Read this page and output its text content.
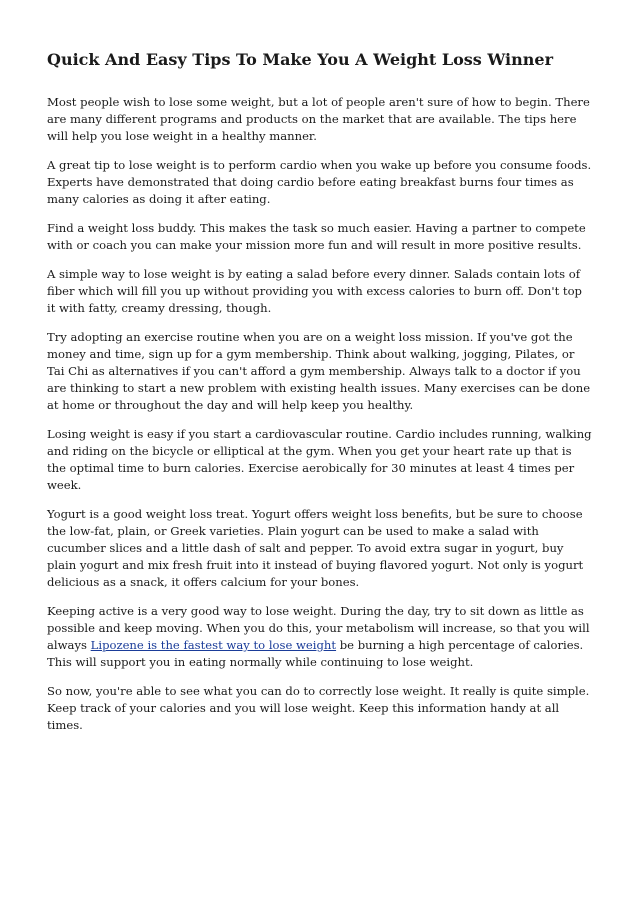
Quick And Easy Tips To Make You A Weight Loss Winner

Most people wish to lose some weight, but a lot of people aren't sure of how to begin. There are many different programs and products on the market that are available. The tips here will help you lose weight in a healthy manner.

A great tip to lose weight is to perform cardio when you wake up before you consume foods. Experts have demonstrated that doing cardio before eating breakfast burns four times as many calories as doing it after eating.

Find a weight loss buddy. This makes the task so much easier. Having a partner to compete with or coach you can make your mission more fun and will result in more positive results.

A simple way to lose weight is by eating a salad before every dinner. Salads contain lots of fiber which will fill you up without providing you with excess calories to burn off. Don't top it with fatty, creamy dressing, though.

Try adopting an exercise routine when you are on a weight loss mission. If you've got the money and time, sign up for a gym membership. Think about walking, jogging, Pilates, or Tai Chi as alternatives if you can't afford a gym membership. Always talk to a doctor if you are thinking to start a new problem with existing health issues. Many exercises can be done at home or throughout the day and will help keep you healthy.

Losing weight is easy if you start a cardiovascular routine. Cardio includes running, walking and riding on the bicycle or elliptical at the gym. When you get your heart rate up that is the optimal time to burn calories. Exercise aerobically for 30 minutes at least 4 times per week.

Yogurt is a good weight loss treat. Yogurt offers weight loss benefits, but be sure to choose the low-fat, plain, or Greek varieties. Plain yogurt can be used to make a salad with cucumber slices and a little dash of salt and pepper. To avoid extra sugar in yogurt, buy plain yogurt and mix fresh fruit into it instead of buying flavored yogurt. Not only is yogurt delicious as a snack, it offers calcium for your bones.

Keeping active is a very good way to lose weight. During the day, try to sit down as little as possible and keep moving. When you do this, your metabolism will increase, so that you will always Lipozene is the fastest way to lose weight be burning a high percentage of calories. This will support you in eating normally while continuing to lose weight.

So now, you're able to see what you can do to correctly lose weight. It really is quite simple. Keep track of your calories and you will lose weight. Keep this information handy at all times.
